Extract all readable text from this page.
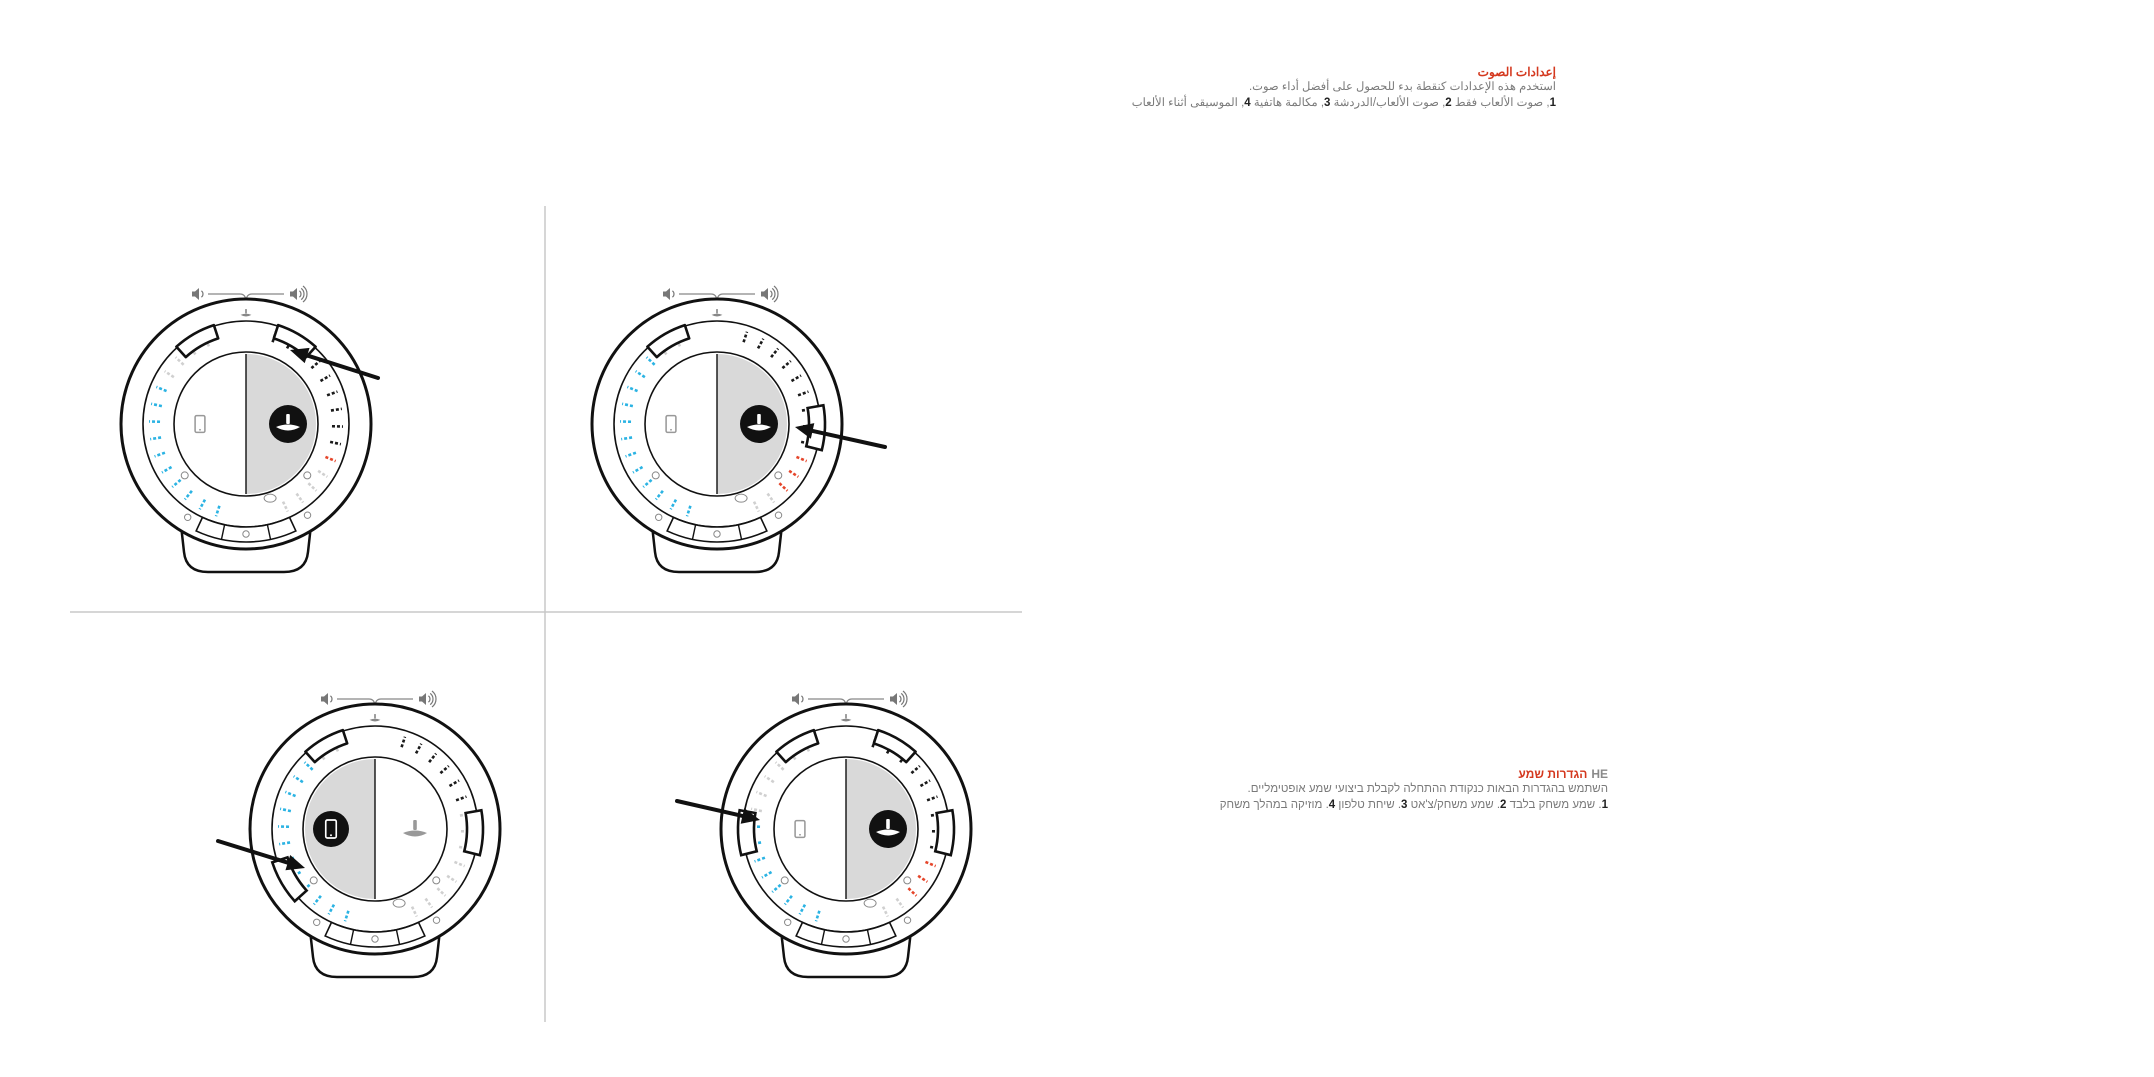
إعدادات الصوت
استخدم هذه الإعدادات كنقطة بدء للحصول على أفضل أداء صوت.
1, صوت الألعاب فقط 2, صوت الألعاب/الدردشة 3, مكالمة هاتفية 4, الموسيقى أثناء الألعاب
HEהגדרות שמע
השתמש בהגדרות הבאות כנקודת ההתחלה לקבלת ביצועי שמע אופטימליים.
1. שמע משחק בלבד 2. שמע משחק/צ'אט 3. שיחת טלפון 4. מוזיקה במהלך משחק
